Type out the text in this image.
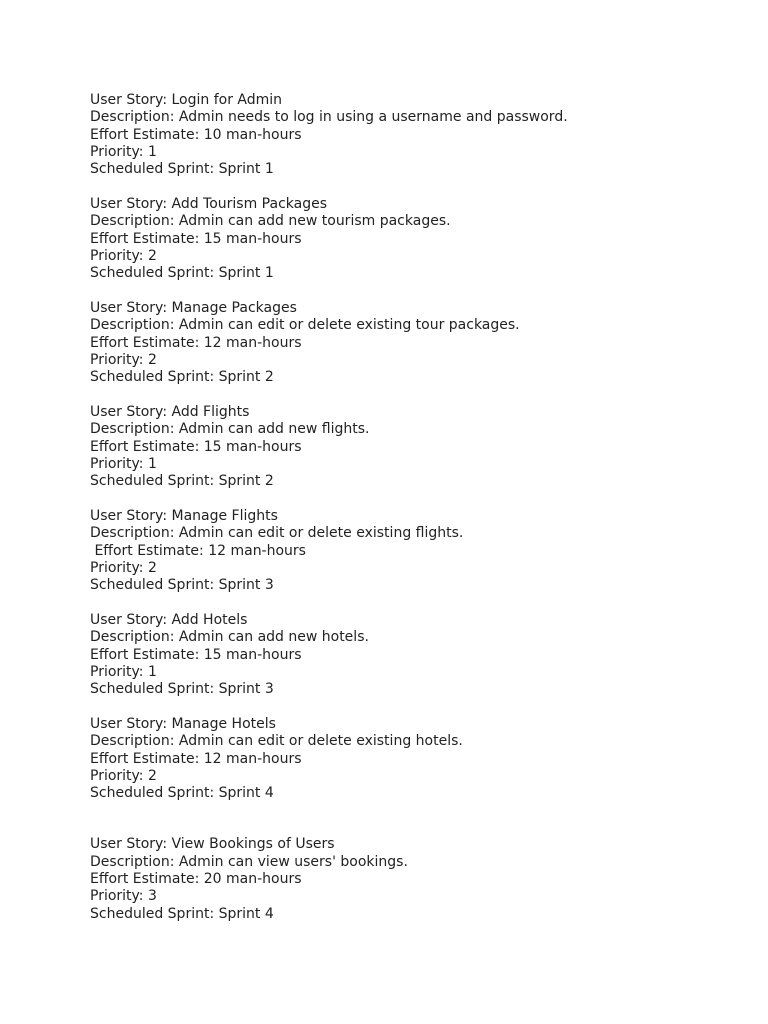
User Story: Login for Admin
Description: Admin needs to log in using a username and password.
Effort Estimate: 10 man-hours
Priority: 1
Scheduled Sprint: Sprint 1
User Story: Add Tourism Packages
Description: Admin can add new tourism packages.
Effort Estimate: 15 man-hours
Priority: 2
Scheduled Sprint: Sprint 1
User Story: Manage Packages
Description: Admin can edit or delete existing tour packages.
Effort Estimate: 12 man-hours
Priority: 2
Scheduled Sprint: Sprint 2
User Story: Add Flights
Description: Admin can add new flights.
Effort Estimate: 15 man-hours
Priority: 1
Scheduled Sprint: Sprint 2
User Story: Manage Flights
Description: Admin can edit or delete existing flights.
Effort Estimate: 12 man-hours
Priority: 2
Scheduled Sprint: Sprint 3
User Story: Add Hotels
Description: Admin can add new hotels.
Effort Estimate: 15 man-hours
Priority: 1
Scheduled Sprint: Sprint 3
User Story: Manage Hotels
Description: Admin can edit or delete existing hotels.
Effort Estimate: 12 man-hours
Priority: 2
Scheduled Sprint: Sprint 4
User Story: View Bookings of Users
Description: Admin can view users' bookings.
Effort Estimate: 20 man-hours
Priority: 3
Scheduled Sprint: Sprint 4
